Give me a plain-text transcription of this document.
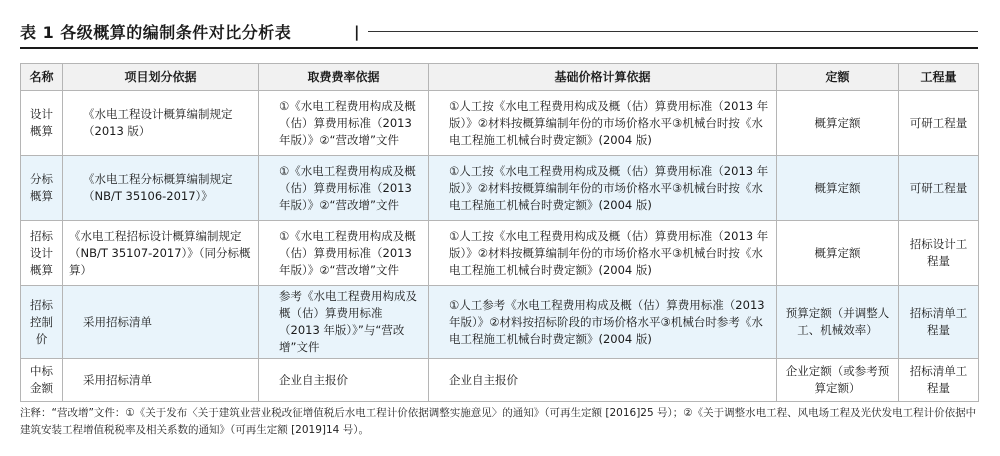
表 1 各级概算的编制条件对比分析表	|
名称	项目划分依据	取费费率依据	基础价格计算依据	定额	工程量
设计概算	《水电工程设计概算编制规定（2013 版）	①《水电工程费用构成及概（估）算费用标准（2013 年版）》②“营改增”文件	①人工按《水电工程费用构成及概（估）算费用标准（2013 年版）》②材料按概算编制年份的市场价格水平③机械台时按《水电工程施工机械台时费定额》(2004 版)	概算定额	可研工程量
分标概算	《水电工程分标概算编制规定（NB/T 35106-2017）》	①《水电工程费用构成及概（估）算费用标准（2013 年版）》②“营改增”文件	①人工按《水电工程费用构成及概（估）算费用标准（2013 年版）》②材料按概算编制年份的市场价格水平③机械台时按《水电工程施工机械台时费定额》(2004 版)	概算定额	可研工程量
招标设计概算	《水电工程招标设计概算编制规定（NB/T 35107-2017）》（同分标概算）	①《水电工程费用构成及概（估）算费用标准（2013 年版）》②“营改增”文件	①人工按《水电工程费用构成及概（估）算费用标准（2013 年版）》②材料按概算编制年份的市场价格水平③机械台时按《水电工程施工机械台时费定额》(2004 版)	概算定额	招标设计工程量
招标控制价	采用招标清单	参考《水电工程费用构成及概（估）算费用标准（2013 年版）》”与“营改增”文件	①人工参考《水电工程费用构成及概（估）算费用标准（2013 年版）》②材料按招标阶段的市场价格水平③机械台时参考《水电工程施工机械台时费定额》(2004 版)	预算定额（并调整人工、机械效率）	招标清单工程量
中标金额	采用招标清单	企业自主报价	企业自主报价	企业定额（或参考预算定额）	招标清单工程量
注释：“营改增”文件：①《关于发布〈关于建筑业营业税改征增值税后水电工程计价依据调整实施意见〉的通知》（可再生定额 [2016]25 号）；②《关于调整水电工程、风电场工程及光伏发电工程计价依据中建筑安装工程增值税税率及相关系数的通知》（可再生定额 [2019]14 号）。
